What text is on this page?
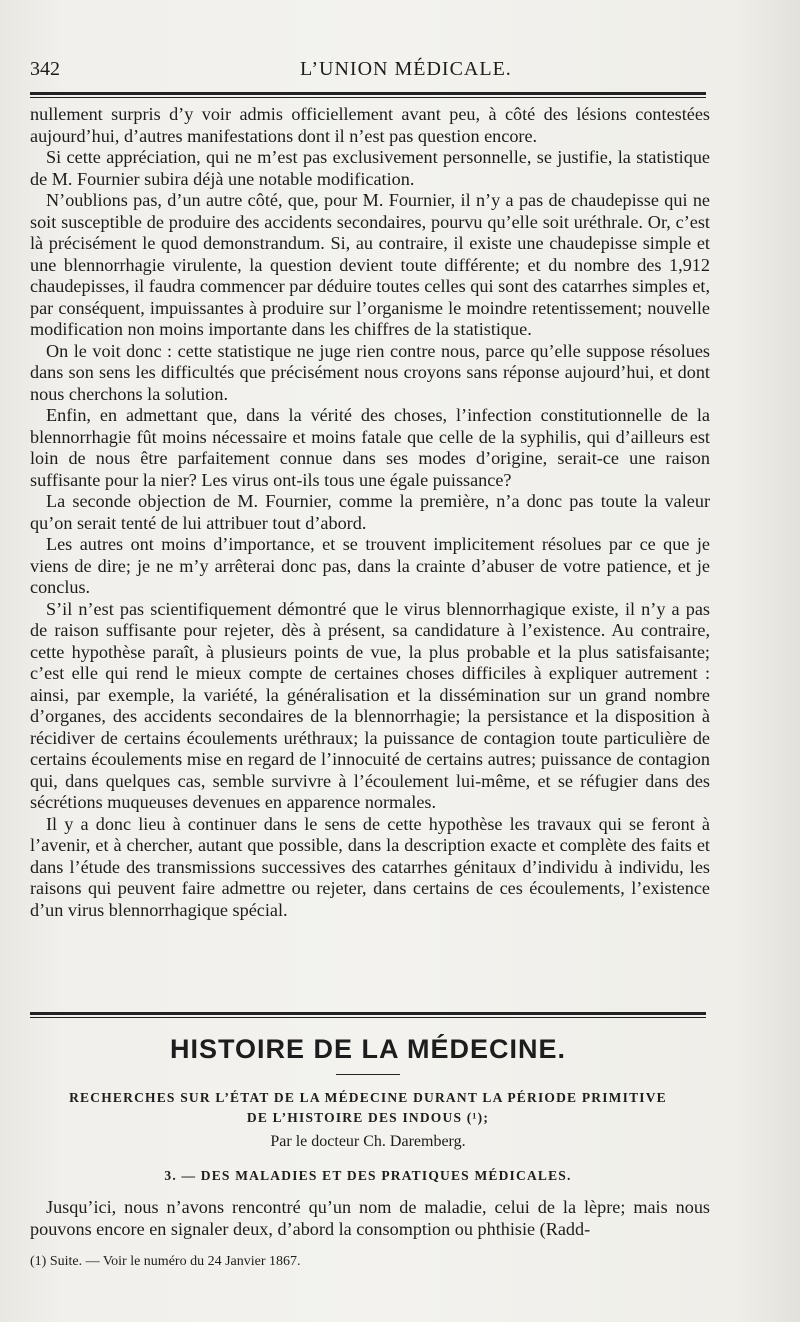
342	L’UNION MÉDICALE.

nullement surpris d’y voir admis officiellement avant peu, à côté des lésions contestées aujourd’hui, d’autres manifestations dont il n’est pas question encore.

Si cette appréciation, qui ne m’est pas exclusivement personnelle, se justifie, la statistique de M. Fournier subira déjà une notable modification.

N’oublions pas, d’un autre côté, que, pour M. Fournier, il n’y a pas de chaudepisse qui ne soit susceptible de produire des accidents secondaires, pourvu qu’elle soit uréthrale. Or, c’est là précisément le quod demonstrandum. Si, au contraire, il existe une chaudepisse simple et une blennorrhagie virulente, la question devient toute différente; et du nombre des 1,912 chaudepisses, il faudra commencer par déduire toutes celles qui sont des catarrhes simples et, par conséquent, impuissantes à produire sur l’organisme le moindre retentissement; nouvelle modification non moins importante dans les chiffres de la statistique.

On le voit donc : cette statistique ne juge rien contre nous, parce qu’elle suppose résolues dans son sens les difficultés que précisément nous croyons sans réponse aujourd’hui, et dont nous cherchons la solution.

Enfin, en admettant que, dans la vérité des choses, l’infection constitutionnelle de la blennorrhagie fût moins nécessaire et moins fatale que celle de la syphilis, qui d’ailleurs est loin de nous être parfaitement connue dans ses modes d’origine, serait-ce une raison suffisante pour la nier? Les virus ont-ils tous une égale puissance?

La seconde objection de M. Fournier, comme la première, n’a donc pas toute la valeur qu’on serait tenté de lui attribuer tout d’abord.

Les autres ont moins d’importance, et se trouvent implicitement résolues par ce que je viens de dire; je ne m’y arrêterai donc pas, dans la crainte d’abuser de votre patience, et je conclus.

S’il n’est pas scientifiquement démontré que le virus blennorrhagique existe, il n’y a pas de raison suffisante pour rejeter, dès à présent, sa candidature à l’existence. Au contraire, cette hypothèse paraît, à plusieurs points de vue, la plus probable et la plus satisfaisante; c’est elle qui rend le mieux compte de certaines choses difficiles à expliquer autrement : ainsi, par exemple, la variété, la généralisation et la dissémination sur un grand nombre d’organes, des accidents secondaires de la blennorrhagie; la persistance et la disposition à récidiver de certains écoulements uréthraux; la puissance de contagion toute particulière de certains écoulements mise en regard de l’innocuité de certains autres; puissance de contagion qui, dans quelques cas, semble survivre à l’écoulement lui-même, et se réfugier dans des sécrétions muqueuses devenues en apparence normales.

Il y a donc lieu à continuer dans le sens de cette hypothèse les travaux qui se feront à l’avenir, et à chercher, autant que possible, dans la description exacte et complète des faits et dans l’étude des transmissions successives des catarrhes génitaux d’individu à individu, les raisons qui peuvent faire admettre ou rejeter, dans certains de ces écoulements, l’existence d’un virus blennorrhagique spécial.

HISTOIRE DE LA MÉDECINE.
RECHERCHES SUR L’ÉTAT DE LA MÉDECINE DURANT LA PÉRIODE PRIMITIVE
DE L’HISTOIRE DES INDOUS (¹);
Par le docteur Ch. Daremberg.
3. — DES MALADIES ET DES PRATIQUES MÉDICALES.

Jusqu’ici, nous n’avons rencontré qu’un nom de maladie, celui de la lèpre; mais nous pouvons encore en signaler deux, d’abord la consomption ou phthisie (Radd-

(1) Suite. — Voir le numéro du 24 Janvier 1867.
